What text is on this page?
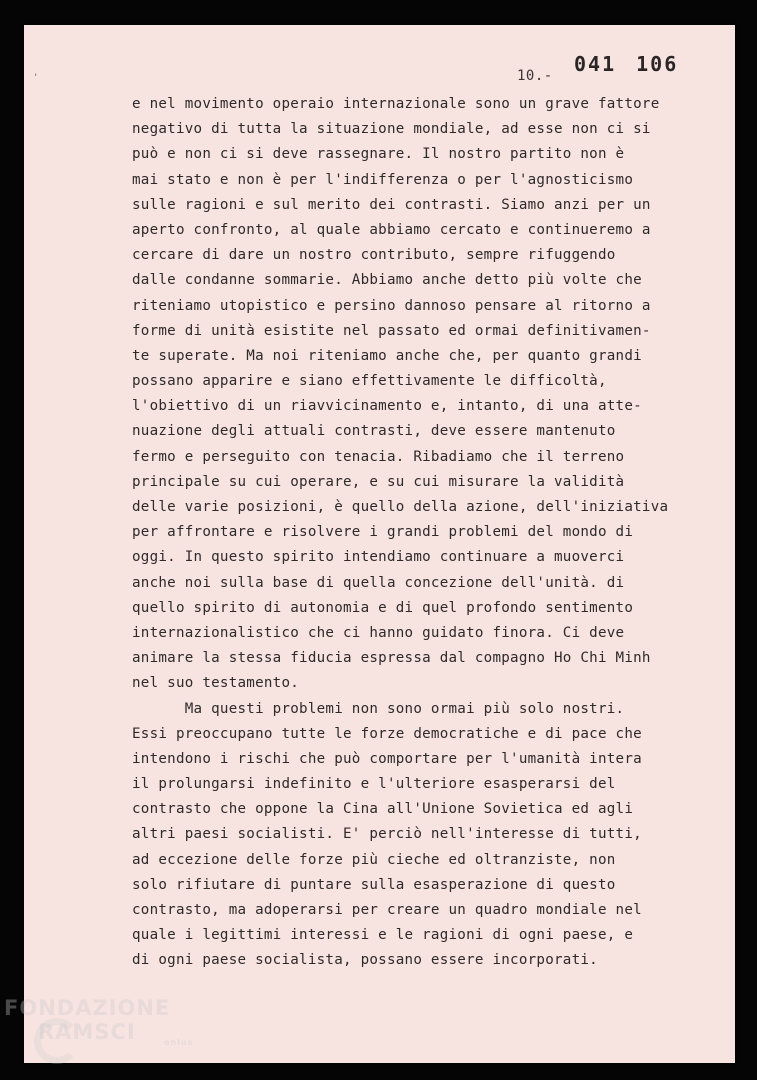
'	10.- 041 106
e nel movimento operaio internazionale sono un grave fattore
negativo di tutta la situazione mondiale, ad esse non ci si
può e non ci si deve rassegnare. Il nostro partito non è
mai stato e non è per l'indifferenza o per l'agnosticismo
sulle ragioni e sul merito dei contrasti. Siamo anzi per un
aperto confronto, al quale abbiamo cercato e continueremo a
cercare di dare un nostro contributo, sempre rifuggendo
dalle condanne sommarie. Abbiamo anche detto più volte che
riteniamo utopistico e persino dannoso pensare al ritorno a
forme di unità esistite nel passato ed ormai definitivamen-
te superate. Ma noi riteniamo anche che, per quanto grandi
possano apparire e siano effettivamente le difficoltà,
l'obiettivo di un riavvicinamento e, intanto, di una atte-
nuazione degli attuali contrasti, deve essere mantenuto
fermo e perseguito con tenacia. Ribadiamo che il terreno
principale su cui operare, e su cui misurare la validità
delle varie posizioni, è quello della azione, dell'iniziativa
per affrontare e risolvere i grandi problemi del mondo di
oggi. In questo spirito intendiamo continuare a muoverci
anche noi sulla base di quella concezione dell'unità. di
quello spirito di autonomia e di quel profondo sentimento
internazionalistico che ci hanno guidato finora. Ci deve
animare la stessa fiducia espressa dal compagno Ho Chi Minh
nel suo testamento.
Ma questi problemi non sono ormai più solo nostri.
Essi preoccupano tutte le forze democratiche e di pace che
intendono i rischi che può comportare per l'umanità intera
il prolungarsi indefinito e l'ulteriore esasperarsi del
contrasto che oppone la Cina all'Unione Sovietica ed agli
altri paesi socialisti. E' perciò nell'interesse di tutti,
ad eccezione delle forze più cieche ed oltranziste, non
solo rifiutare di puntare sulla esasperazione di questo
contrasto, ma adoperarsi per creare un quadro mondiale nel
quale i legittimi interessi e le ragioni di ogni paese, e
di ogni paese socialista, possano essere incorporati.
FONDAZIONE
RAMSCI	onlus
